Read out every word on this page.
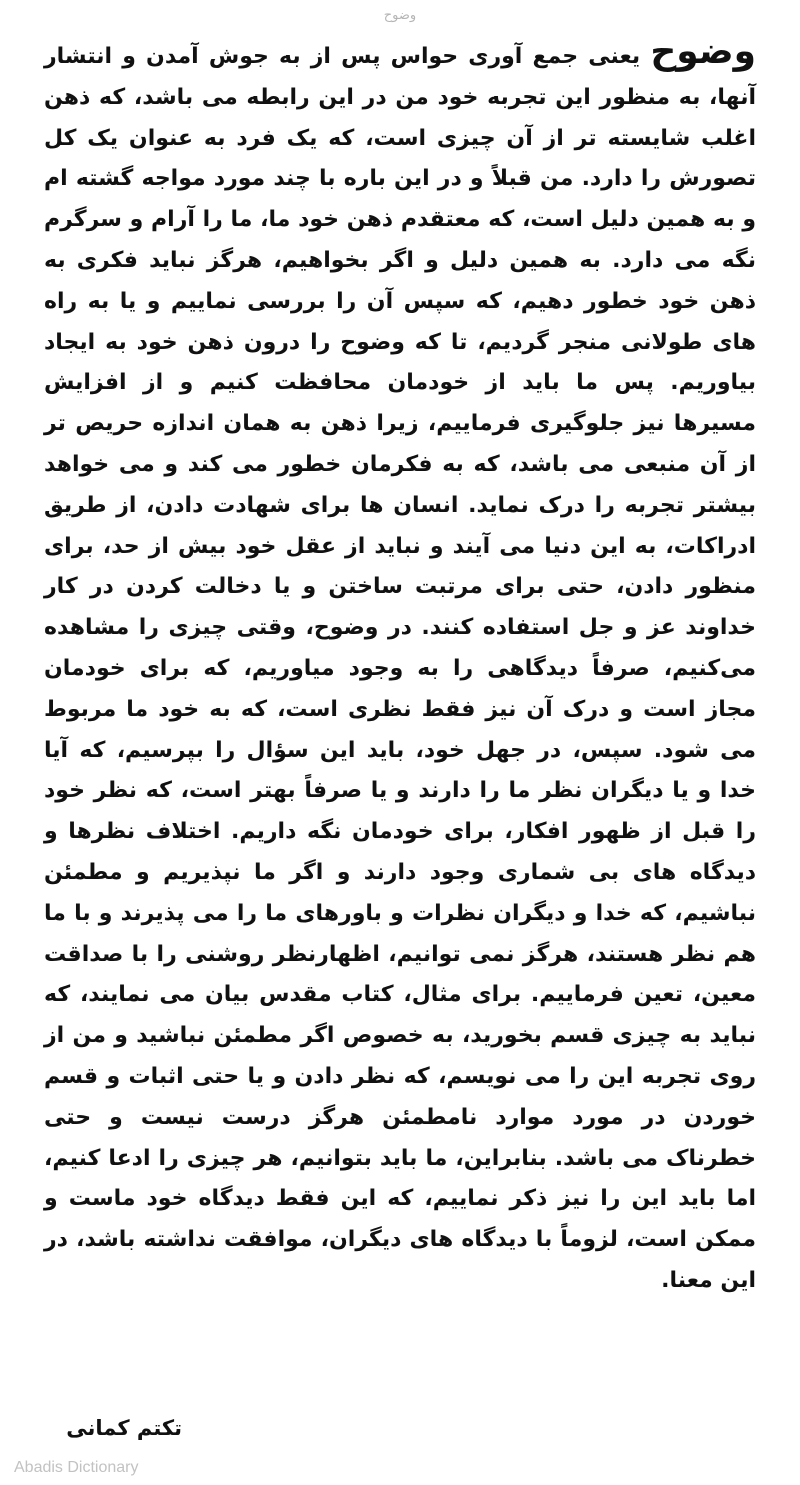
وضوح
وضوح یعنی جمع آوری حواس پس از به جوش آمدن و انتشار آنها، به منظور این تجربه خود من در این رابطه می باشد، که ذهن اغلب شایسته تر از آن چیزی است، که یک فرد به عنوان یک کل تصورش را دارد. من قبلاً و در این باره با چند مورد مواجه گشته ام و به همین دلیل است، که معتقدم ذهن خود ما، ما را آرام و سرگرم نگه می دارد. به همین دلیل و اگر بخواهیم، هرگز نباید فکری به ذهن خود خطور دهیم، که سپس آن را بررسی نماییم و یا به راه های طولانی منجر گردیم، تا که وضوح را درون ذهن خود به ایجاد بیاوریم. پس ما باید از خودمان محافظت کنیم و از افزایش مسیرها نیز جلوگیری فرماییم، زیرا ذهن به همان اندازه حریص تر از آن منبعی می باشد، که به فکرمان خطور می کند و می خواهد بیشتر تجربه را درک نماید. انسان ها برای شهادت دادن، از طریق ادراکات، به این دنیا می آیند و نباید از عقل خود بیش از حد، برای منظور دادن، حتی برای مرتبت ساختن و یا دخالت کردن در کار خداوند عز و جل استفاده کنند. در وضوح، وقتی چیزی را مشاهده می‌کنیم، صرفاً دیدگاهی را به وجود میاوریم، که برای خودمان مجاز است و درک آن نیز فقط نظری است، که به خود ما مربوط می شود. سپس، در جهل خود، باید این سؤال را بپرسیم، که آیا خدا و یا دیگران نظر ما را دارند و یا صرفاً بهتر است، که نظر خود را قبل از ظهور افکار، برای خودمان نگه داریم. اختلاف نظرها و دیدگاه های بی شماری وجود دارند و اگر ما نپذیریم و مطمئن نباشیم، که خدا و دیگران نظرات و باورهای ما را می پذیرند و با ما هم نظر هستند، هرگز نمی توانیم، اظهارنظر روشنی را با صداقت معین، تعین فرماییم. برای مثال، کتاب مقدس بیان می نمایند، که نباید به چیزی قسم بخورید، به خصوص اگر مطمئن نباشید و من از روی تجربه این را می نویسم، که نظر دادن و یا حتی اثبات و قسم خوردن در مورد موارد نامطمئن هرگز درست نیست و حتی خطرناک می باشد. بنابراین، ما باید بتوانیم، هر چیزی را ادعا کنیم، اما باید این را نیز ذکر نماییم، که این فقط دیدگاه خود ماست و ممکن است، لزوماً با دیدگاه های دیگران، موافقت نداشته باشد، در این معنا.
تکتم کمانی
Abadis Dictionary
